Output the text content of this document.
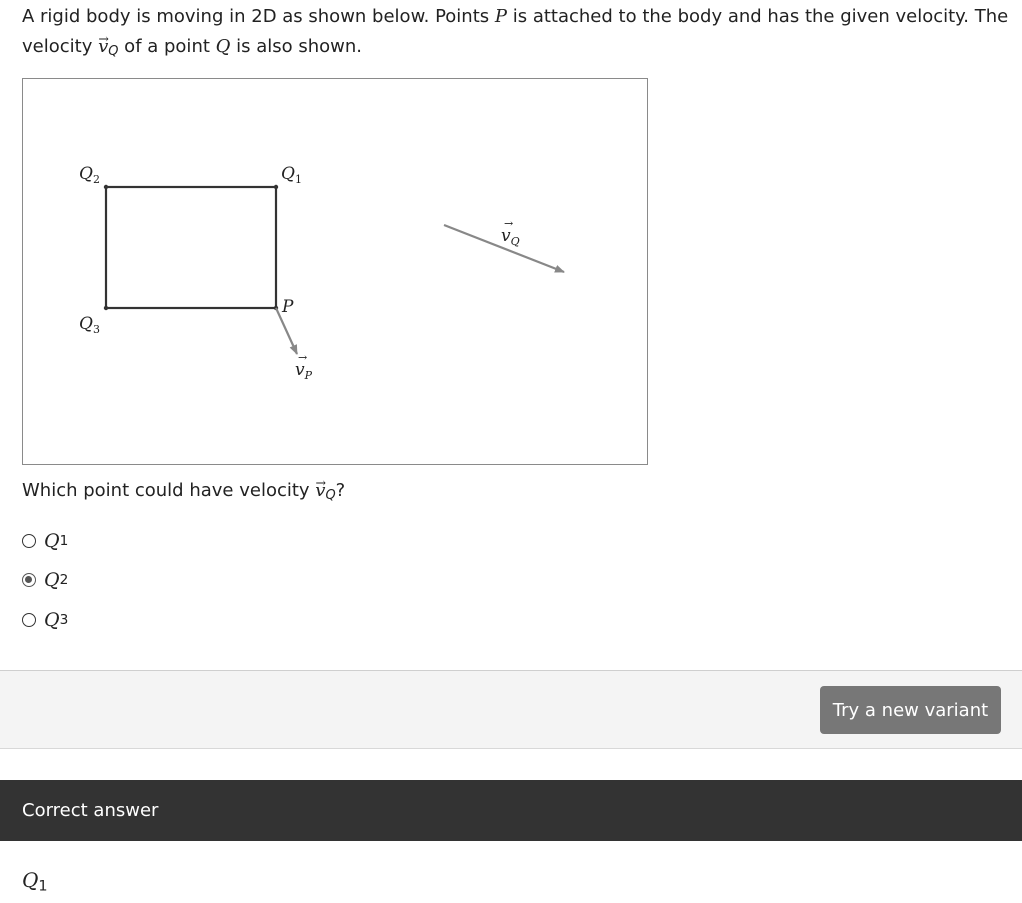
A rigid body is moving in 2D as shown below. Points P is attached to the body and has the given velocity. The velocity → $v_Q$ of a point Q is also shown.
$Q_2$	$Q_1$
$Q_3$
P
$v_P$
→
$v_Q$
→
Which point could have velocity → $v_Q$?
Q 1
Q 2
Q 3
Try a new variant
Correct answer
Q1
